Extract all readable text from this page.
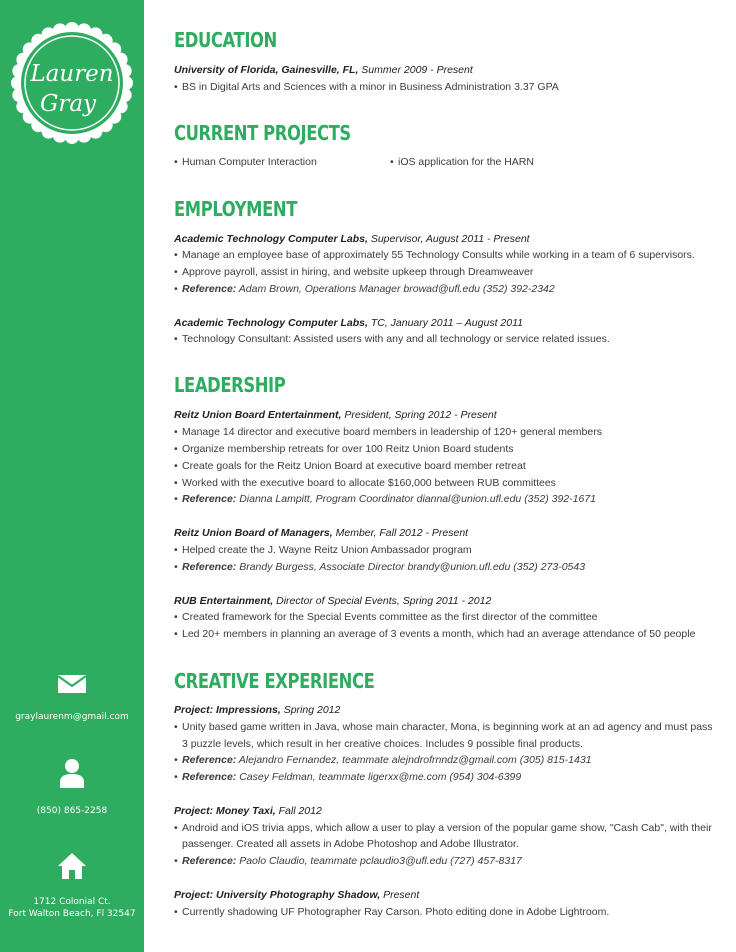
Lauren
Gray
graylaurenm@gmail.com
(850) 865-2258
1712 Colonial Ct.
Fort Walton Beach, Fl 32547
EDUCATION
University of Florida, Gainesville, FL, Summer 2009 - Present
• BS in Digital Arts and Sciences with a minor in Business Administration 3.37 GPA
CURRENT PROJECTS
• Human Computer Interaction
•	iOS application for the HARN
EMPLOYMENT
Academic Technology Computer Labs, Supervisor, August 2011 - Present
• Manage an employee base of approximately 55 Technology Consults while working in a team of 6 supervisors.
• Approve payroll, assist in hiring, and website upkeep through Dreamweaver
• Reference: Adam Brown, Operations Manager browad@ufl.edu (352) 392-2342
Academic Technology Computer Labs, TC, January 2011 – August 2011
• Technology Consultant: Assisted users with any and all technology or service related issues.
LEADERSHIP
Reitz Union Board Entertainment, President, Spring 2012 - Present
• Manage 14 director and executive board members in leadership of 120+ general members
• Organize membership retreats for over 100 Reitz Union Board students
• Create goals for the Reitz Union Board at executive board member retreat
• Worked with the executive board to allocate $160,000 between RUB committees
• Reference: Dianna Lampitt, Program Coordinator diannal@union.ufl.edu (352) 392-1671
Reitz Union Board of Managers, Member, Fall 2012 - Present
• Helped create the J. Wayne Reitz Union Ambassador program
• Reference: Brandy Burgess, Associate Director brandy@union.ufl.edu (352) 273-0543
RUB Entertainment, Director of Special Events, Spring 2011 - 2012
• Created framework for the Special Events committee as the first director of the committee
• Led 20+ members in planning an average of 3 events a month, which had an average attendance of 50 people
CREATIVE EXPERIENCE
Project: Impressions, Spring 2012
• Unity based game written in Java, whose main character, Mona, is beginning work at an ad agency and must pass
3 puzzle levels, which result in her creative choices. Includes 9 possible final products.
• Reference: Alejandro Fernandez, teammate alejndrofrnndz@gmail.com (305) 815-1431
• Reference: Casey Feldman, teammate ligerxx@me.com (954) 304-6399
Project: Money Taxi, Fall 2012
• Android and iOS trivia apps, which allow a user to play a version of the popular game show, "Cash Cab", with their
passenger. Created all assets in Adobe Photoshop and Adobe Illustrator.
• Reference: Paolo Claudio, teammate pclaudio3@ufl.edu (727) 457-8317
Project: University Photography Shadow, Present
• Currently shadowing UF Photographer Ray Carson. Photo editing done in Adobe Lightroom.
